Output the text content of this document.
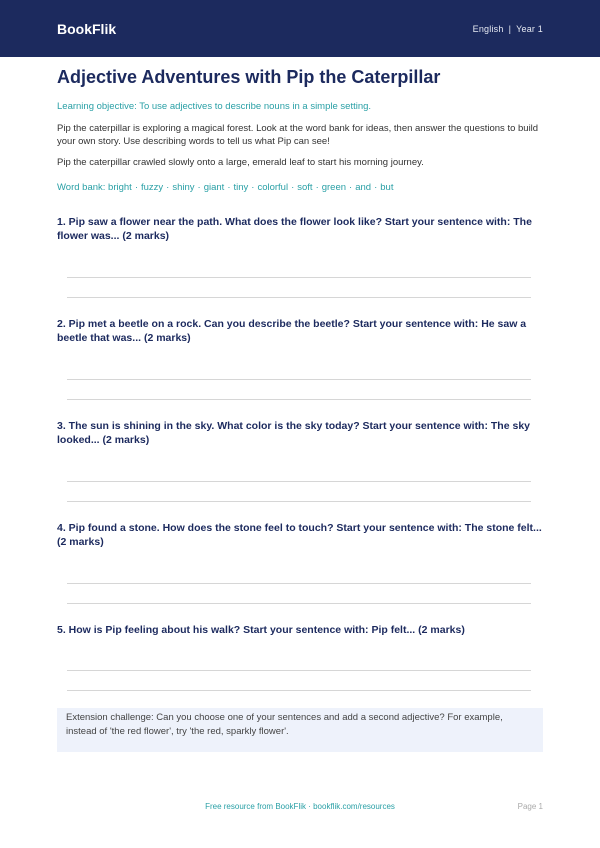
BookFlik	English | Year 1
Adjective Adventures with Pip the Caterpillar
Learning objective: To use adjectives to describe nouns in a simple setting.
Pip the caterpillar is exploring a magical forest. Look at the word bank for ideas, then answer the questions to build your own story. Use describing words to tell us what Pip can see!
Pip the caterpillar crawled slowly onto a large, emerald leaf to start his morning journey.
Word bank: bright · fuzzy · shiny · giant · tiny · colorful · soft · green · and · but
1. Pip saw a flower near the path. What does the flower look like? Start your sentence with: The flower was... (2 marks)
2. Pip met a beetle on a rock. Can you describe the beetle? Start your sentence with: He saw a beetle that was... (2 marks)
3. The sun is shining in the sky. What color is the sky today? Start your sentence with: The sky looked... (2 marks)
4. Pip found a stone. How does the stone feel to touch? Start your sentence with: The stone felt... (2 marks)
5. How is Pip feeling about his walk? Start your sentence with: Pip felt... (2 marks)
Extension challenge: Can you choose one of your sentences and add a second adjective? For example, instead of 'the red flower', try 'the red, sparkly flower'.
Free resource from BookFlik · bookflik.com/resources	Page 1
